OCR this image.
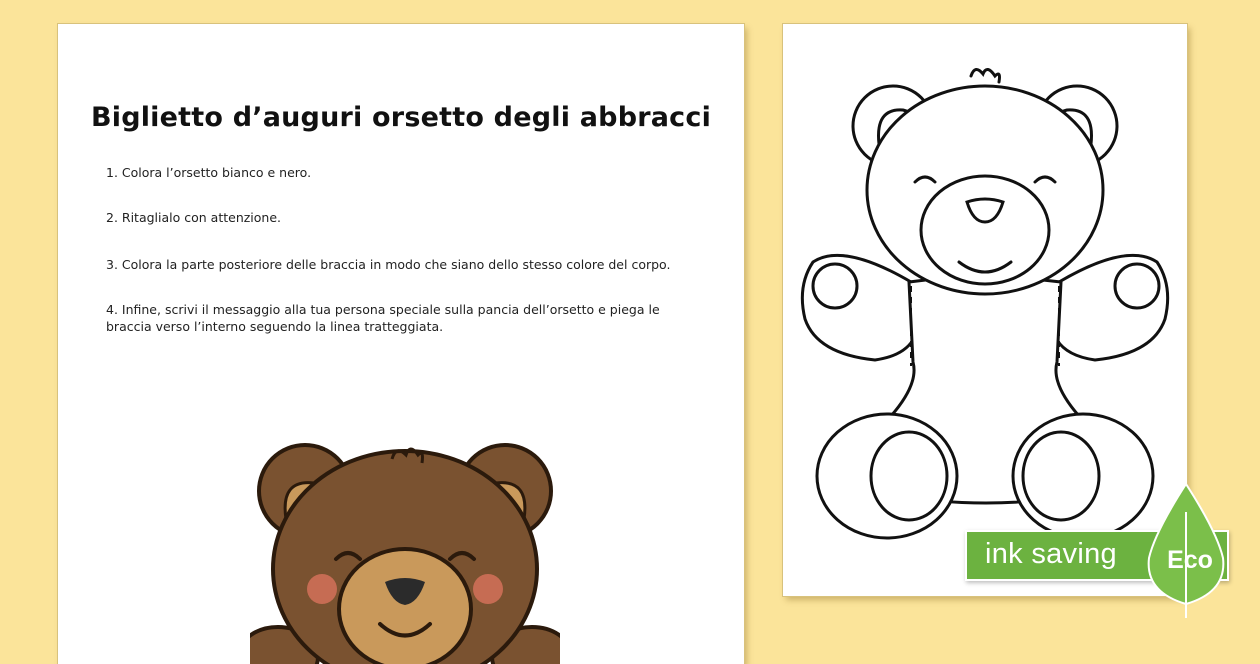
Biglietto d’auguri orsetto degli abbracci
1. Colora l’orsetto bianco e nero.
2. Ritaglialo con attenzione.
3. Colora la parte posteriore delle braccia in modo che siano dello stesso colore del corpo.
4. Infine, scrivi il messaggio alla tua persona speciale sulla pancia dell’orsetto e piega le braccia verso l’interno seguendo la linea tratteggiata.

ink saving Eco
